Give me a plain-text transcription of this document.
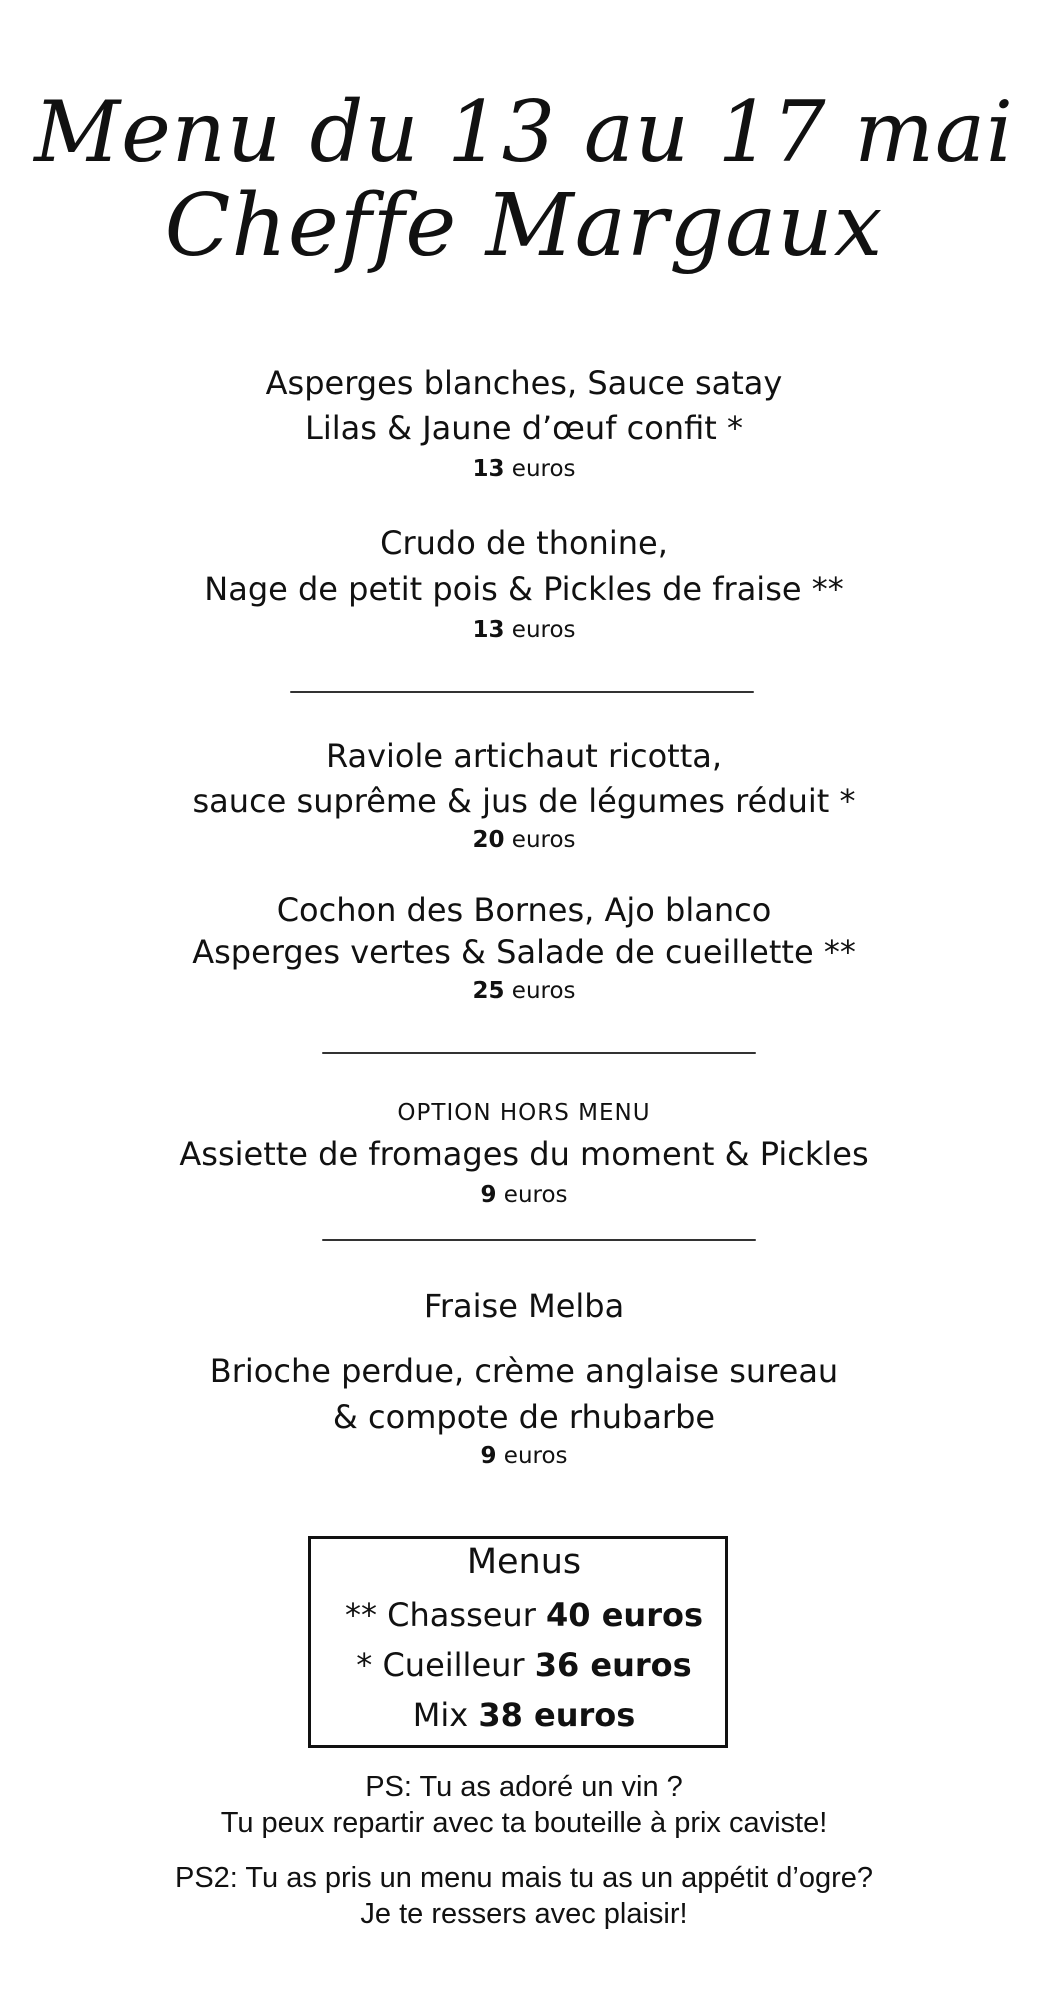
Menu du 13 au 17 mai
Cheffe Margaux
Asperges blanches, Sauce satay
Lilas & Jaune d’œuf confit *
13 euros
Crudo de thonine,
Nage de petit pois & Pickles de fraise **
13 euros
Raviole artichaut ricotta,
sauce suprême & jus de légumes réduit *
20 euros
Cochon des Bornes, Ajo blanco
Asperges vertes & Salade de cueillette **
25 euros
OPTION HORS MENU
Assiette de fromages du moment & Pickles
9 euros
Fraise Melba
Brioche perdue, crème anglaise sureau
& compote de rhubarbe
9 euros
Menus
** Chasseur 40 euros
* Cueilleur 36 euros
Mix 38 euros
PS: Tu as adoré un vin ?
Tu peux repartir avec ta bouteille à prix caviste!
PS2: Tu as pris un menu mais tu as un appétit d’ogre?
Je te ressers avec plaisir!
